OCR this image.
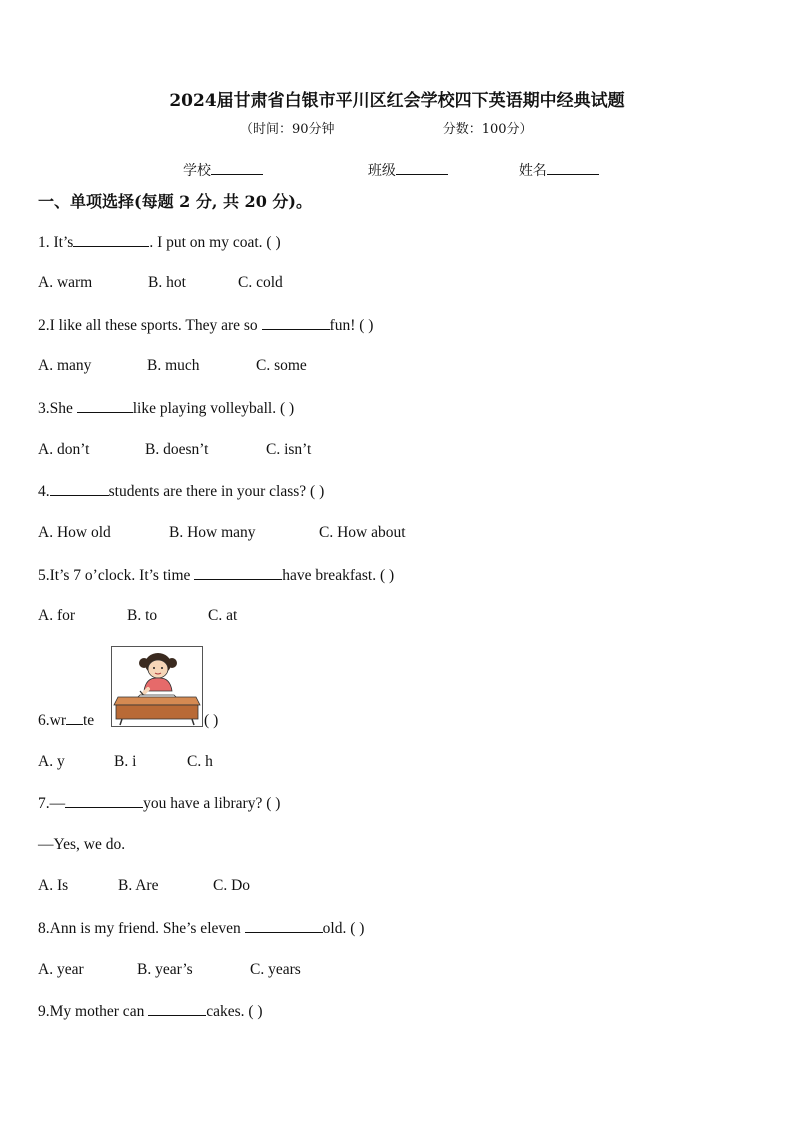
2024届甘肃省白银市平川区红会学校四下英语期中经典试题
（时间：90分钟	分数：100分）
学校	班级	姓名
一、单项选择(每题 2 分, 共 20 分)。
1. It’s	. I put on my coat. ( )
A. warm	B. hot	C. cold
2.I like all these sports. They are so	fun! ( )
A. many	B. much	C. some
3.She	like playing volleyball. ( )
A. don’t	B. doesn’t	C. isn’t
4.	students are there in your class? ( )
A. How old	B. How many	C. How about
5.It’s 7 o’clock. It’s time	have breakfast. ( )
A. for	B. to	C. at
6.wr te	( )
A. y	B. i	C. h
7.—	you have a library? ( )
—Yes, we do.
A. Is	B. Are	C. Do
8.Ann is my friend. She’s eleven	old. ( )
A. year	B. year’s	C. years
9.My mother can	cakes. ( )
